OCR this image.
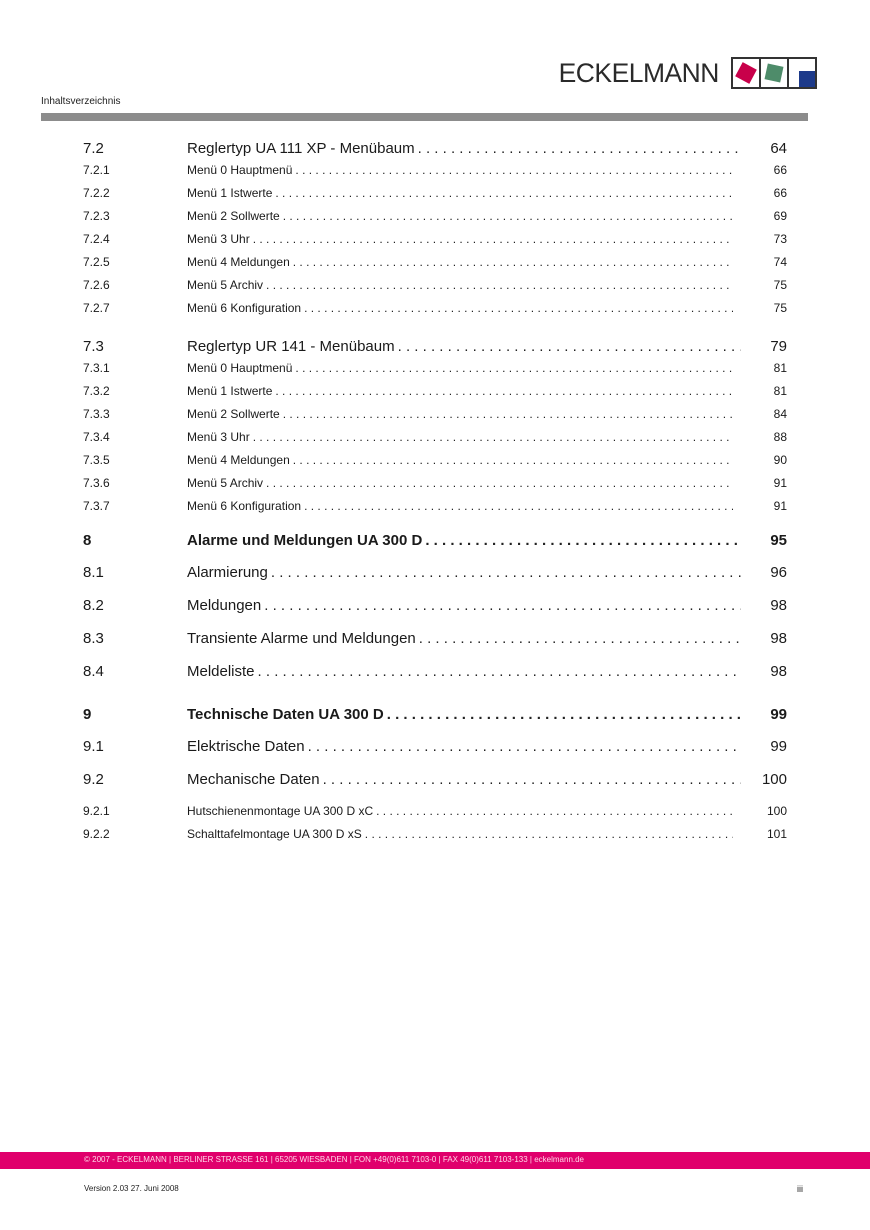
ECKELMANN
Inhaltsverzeichnis
7.2	Reglertyp UA 111 XP - Menübaum . . .	64
7.2.1	Menü 0 Hauptmenü . . .	66
7.2.2	Menü 1 Istwerte . . .	66
7.2.3	Menü 2 Sollwerte . . .	69
7.2.4	Menü 3 Uhr . . .	73
7.2.5	Menü 4 Meldungen . . .	74
7.2.6	Menü 5 Archiv . . .	75
7.2.7	Menü 6 Konfiguration . . .	75
7.3	Reglertyp UR 141 - Menübaum . . .	79
7.3.1	Menü 0 Hauptmenü . . .	81
7.3.2	Menü 1 Istwerte . . .	81
7.3.3	Menü 2 Sollwerte . . .	84
7.3.4	Menü 3 Uhr . . .	88
7.3.5	Menü 4 Meldungen . . .	90
7.3.6	Menü 5 Archiv . . .	91
7.3.7	Menü 6 Konfiguration . . .	91
8	Alarme und Meldungen UA 300 D . . .	95
8.1	Alarmierung . . .	96
8.2	Meldungen . . .	98
8.3	Transiente Alarme und Meldungen . . .	98
8.4	Meldeliste . . .	98
9	Technische Daten UA 300 D . . .	99
9.1	Elektrische Daten . . .	99
9.2	Mechanische Daten . . .	100
9.2.1	Hutschienenmontage UA 300 D xC . . .	100
9.2.2	Schalttafelmontage UA 300 D xS . . .	101
© 2007 - ECKELMANN | BERLINER STRASSE 161 | 65205 WIESBADEN | FON +49(0)611 7103-0 | FAX 49(0)611 7103-133 | eckelmann.de
Version 2.03 27. Juni 2008	iii
